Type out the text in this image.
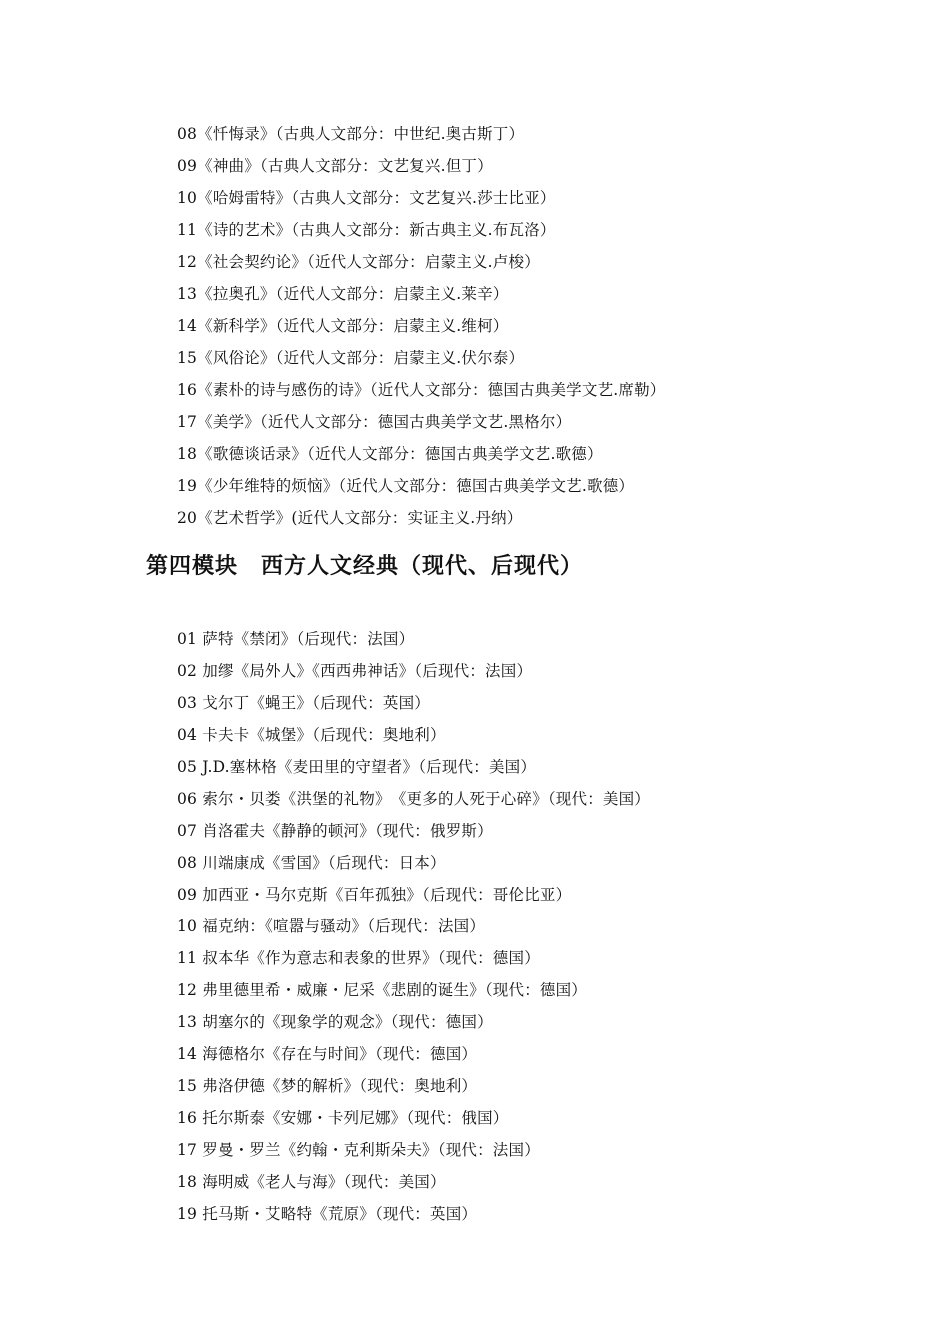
08《忏悔录》（古典人文部分：中世纪.奥古斯丁）
09《神曲》（古典人文部分：文艺复兴.但丁）
10《哈姆雷特》（古典人文部分：文艺复兴.莎士比亚）
11《诗的艺术》（古典人文部分：新古典主义.布瓦洛）
12《社会契约论》（近代人文部分：启蒙主义.卢梭）
13《拉奥孔》（近代人文部分：启蒙主义.莱辛）
14《新科学》（近代人文部分：启蒙主义.维柯）
15《风俗论》（近代人文部分：启蒙主义.伏尔泰）
16《素朴的诗与感伤的诗》（近代人文部分：德国古典美学文艺.席勒）
17《美学》（近代人文部分：德国古典美学文艺.黑格尔）
18《歌德谈话录》（近代人文部分：德国古典美学文艺.歌德）
19《少年维特的烦恼》（近代人文部分：德国古典美学文艺.歌德）
20《艺术哲学》(近代人文部分：实证主义.丹纳）
第四模块　西方人文经典（现代、后现代）
01 萨特《禁闭》（后现代：法国）
02 加缪《局外人》《西西弗神话》（后现代：法国）
03 戈尔丁《蝇王》（后现代：英国）
04 卡夫卡《城堡》（后现代：奥地利）
05 J.D.塞林格《麦田里的守望者》（后现代：美国）
06 索尔・贝娄《洪堡的礼物》　《更多的人死于心碎》（现代：美国）
07 肖洛霍夫《静静的顿河》（现代：俄罗斯）
08 川端康成《雪国》（后现代：日本）
09 加西亚・马尔克斯《百年孤独》（后现代：哥伦比亚）
10 福克纳：《喧嚣与骚动》（后现代：法国）
11 叔本华《作为意志和表象的世界》（现代：德国）
12 弗里德里希・威廉・尼采《悲剧的诞生》（现代：德国）
13 胡塞尔的《现象学的观念》（现代：德国）
14 海德格尔《存在与时间》（现代：德国）
15 弗洛伊德《梦的解析》（现代：奥地利）
16 托尔斯泰《安娜・卡列尼娜》（现代：俄国）
17 罗曼・罗兰《约翰・克利斯朵夫》（现代：法国）
18 海明威《老人与海》（现代：美国）
19 托马斯・艾略特《荒原》（现代：英国）
